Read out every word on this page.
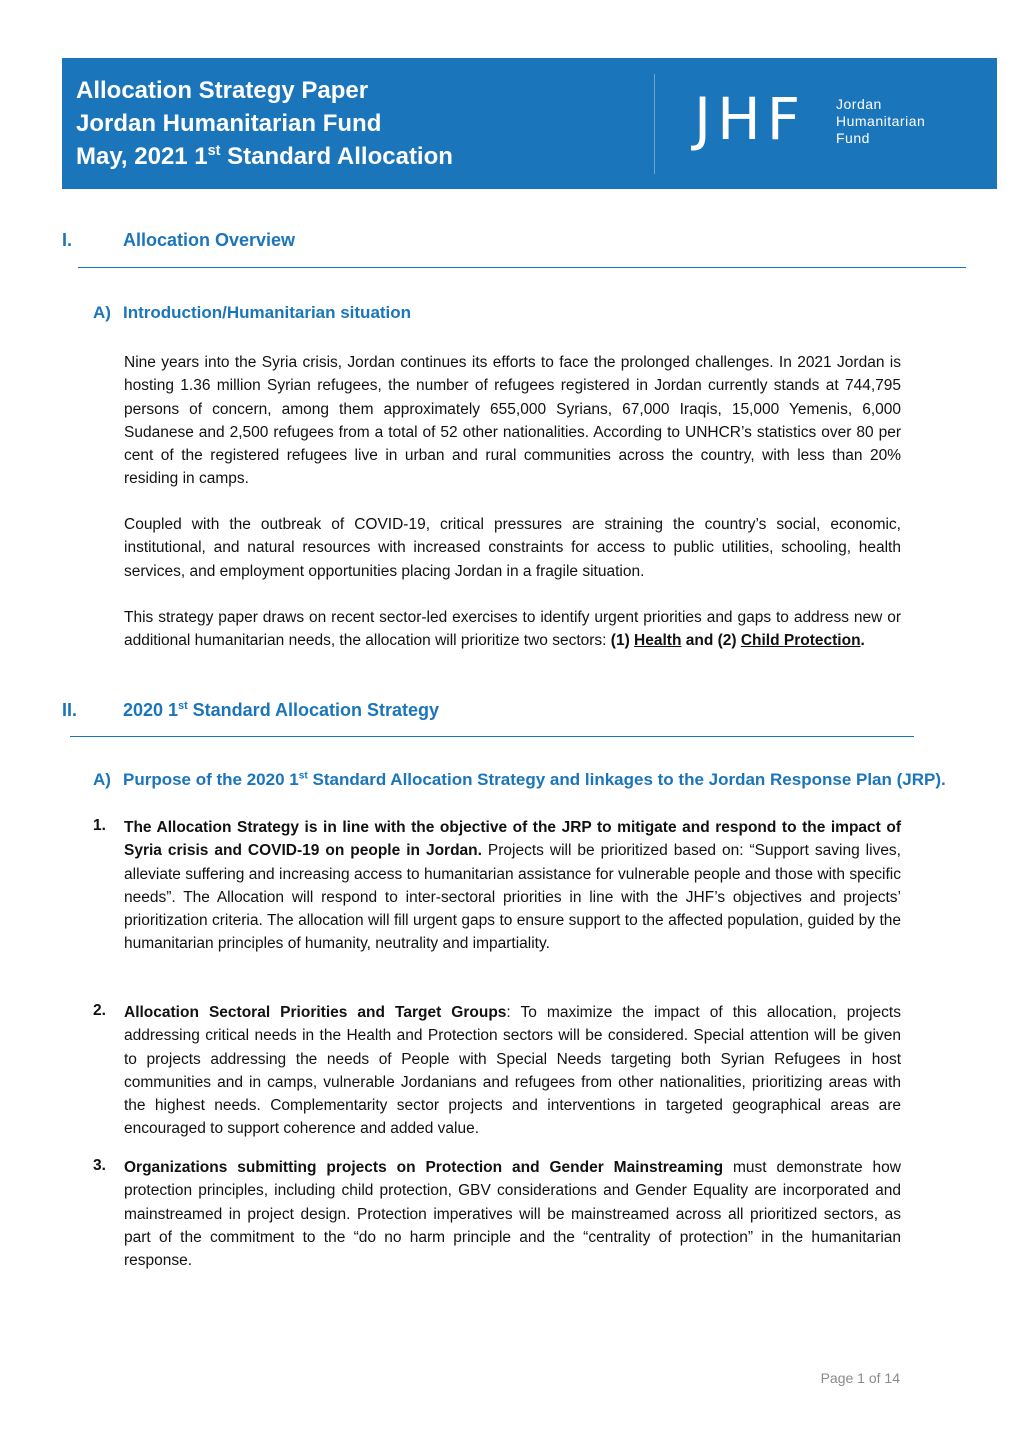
Allocation Strategy Paper
Jordan Humanitarian Fund
May, 2021 1st Standard Allocation
JHF Jordan
Humanitarian
Fund
I.	Allocation Overview
A) Introduction/Humanitarian situation

Nine years into the Syria crisis, Jordan continues its efforts to face the prolonged challenges. In 2021 Jordan is hosting 1.36 million Syrian refugees, the number of refugees registered in Jordan currently stands at 744,795 persons of concern, among them approximately 655,000 Syrians, 67,000 Iraqis, 15,000 Yemenis, 6,000 Sudanese and 2,500 refugees from a total of 52 other nationalities. According to UNHCR’s statistics over 80 per cent of the registered refugees live in urban and rural communities across the country, with less than 20% residing in camps.

Coupled with the outbreak of COVID-19, critical pressures are straining the country’s social, economic, institutional, and natural resources with increased constraints for access to public utilities, schooling, health services, and employment opportunities placing Jordan in a fragile situation.

This strategy paper draws on recent sector-led exercises to identify urgent priorities and gaps to address new or additional humanitarian needs, the allocation will prioritize two sectors: (1) Health and (2) Child Protection.

II.	2020 1st Standard Allocation Strategy
A) Purpose of the 2020 1st Standard Allocation Strategy and linkages to the Jordan Response Plan (JRP).
1. The Allocation Strategy is in line with the objective of the JRP to mitigate and respond to the impact of Syria crisis and COVID-19 on people in Jordan. Projects will be prioritized based on: “Support saving lives, alleviate suffering and increasing access to humanitarian assistance for vulnerable people and those with specific needs”. The Allocation will respond to inter-sectoral priorities in line with the JHF’s objectives and projects’ prioritization criteria. The allocation will fill urgent gaps to ensure support to the affected population, guided by the humanitarian principles of humanity, neutrality and impartiality.

2. Allocation Sectoral Priorities and Target Groups: To maximize the impact of this allocation, projects addressing critical needs in the Health and Protection sectors will be considered. Special attention will be given to projects addressing the needs of People with Special Needs targeting both Syrian Refugees in host communities and in camps, vulnerable Jordanians and refugees from other nationalities, prioritizing areas with the highest needs. Complementarity sector projects and interventions in targeted geographical areas are encouraged to support coherence and added value.

3. Organizations submitting projects on Protection and Gender Mainstreaming must demonstrate how protection principles, including child protection, GBV considerations and Gender Equality are incorporated and mainstreamed in project design. Protection imperatives will be mainstreamed across all prioritized sectors, as part of the commitment to the “do no harm principle and the “centrality of protection” in the humanitarian response.

Page 1 of 14
